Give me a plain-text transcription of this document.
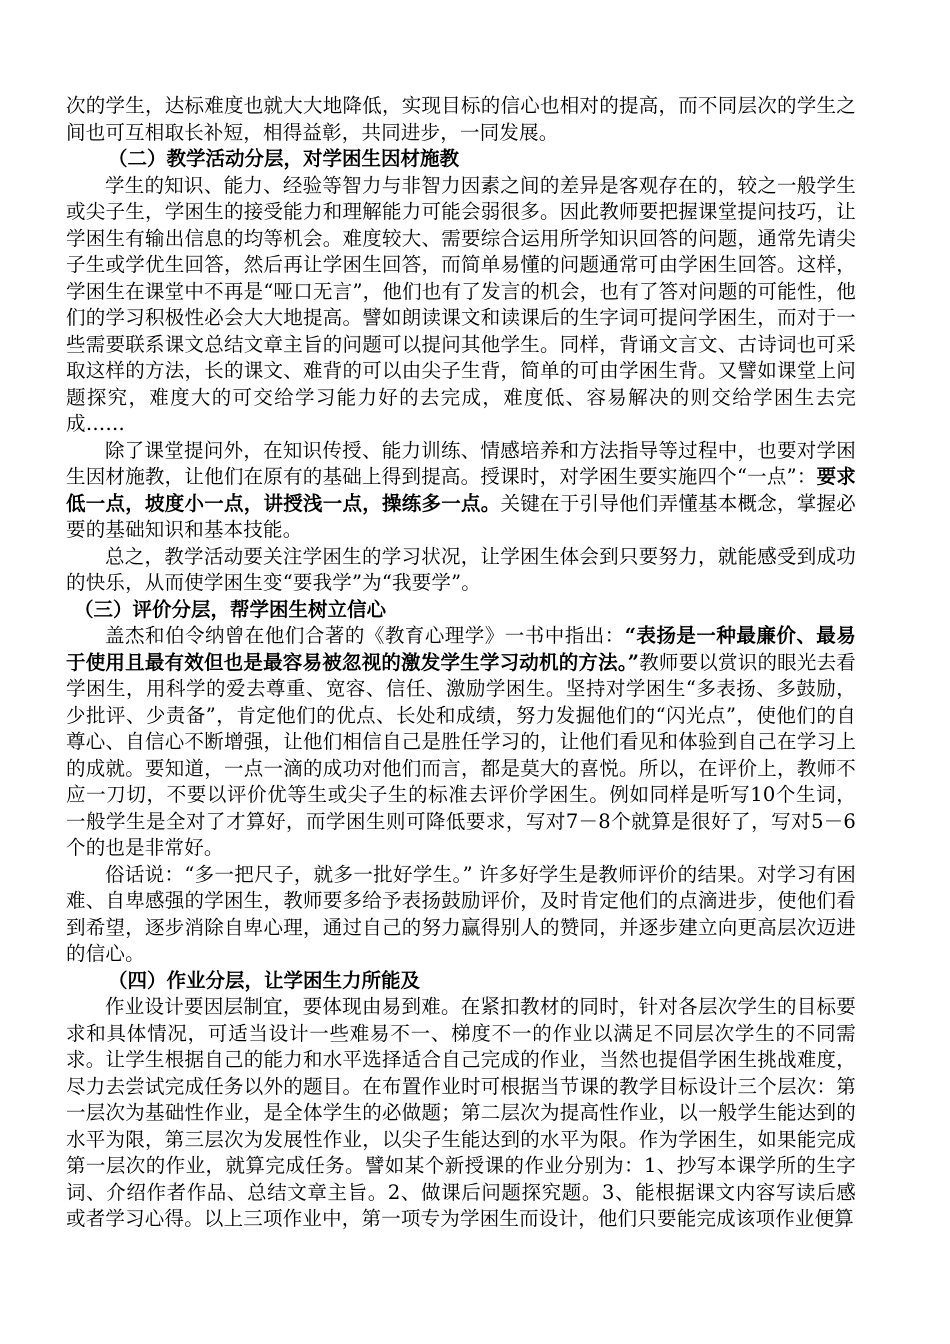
次的学生，达标难度也就大大地降低，实现目标的信心也相对的提高，而不同层次的学生之间也可互相取长补短，相得益彰，共同进步，一同发展。

（二）教学活动分层，对学困生因材施教

学生的知识、能力、经验等智力与非智力因素之间的差异是客观存在的，较之一般学生或尖子生，学困生的接受能力和理解能力可能会弱很多。因此教师要把握课堂提问技巧，让学困生有输出信息的均等机会。难度较大、需要综合运用所学知识回答的问题，通常先请尖子生或学优生回答，然后再让学困生回答，而简单易懂的问题通常可由学困生回答。这样，学困生在课堂中不再是“哑口无言”，他们也有了发言的机会，也有了答对问题的可能性，他们的学习积极性必会大大地提高。譬如朗读课文和读课后的生字词可提问学困生，而对于一些需要联系课文总结文章主旨的问题可以提问其他学生。同样，背诵文言文、古诗词也可采取这样的方法，长的课文、难背的可以由尖子生背，简单的可由学困生背。又譬如课堂上问题探究，难度大的可交给学习能力好的去完成，难度低、容易解决的则交给学困生去完成……

除了课堂提问外，在知识传授、能力训练、情感培养和方法指导等过程中，也要对学困生因材施教，让他们在原有的基础上得到提高。授课时，对学困生要实施四个“一点”：要求低一点，坡度小一点，讲授浅一点，操练多一点。关键在于引导他们弄懂基本概念，掌握必要的基础知识和基本技能。

总之，教学活动要关注学困生的学习状况，让学困生体会到只要努力，就能感受到成功的快乐，从而使学困生变“要我学”为“我要学”。

（三）评价分层，帮学困生树立信心

盖杰和伯令纳曾在他们合著的《教育心理学》一书中指出：“表扬是一种最廉价、最易于使用且最有效但也是最容易被忽视的激发学生学习动机的方法。”教师要以赏识的眼光去看学困生，用科学的爱去尊重、宽容、信任、激励学困生。坚持对学困生“多表扬、多鼓励，少批评、少责备”，肯定他们的优点、长处和成绩，努力发掘他们的“闪光点”，使他们的自尊心、自信心不断增强，让他们相信自己是胜任学习的，让他们看见和体验到自己在学习上的成就。要知道，一点一滴的成功对他们而言，都是莫大的喜悦。所以，在评价上，教师不应一刀切，不要以评价优等生或尖子生的标准去评价学困生。例如同样是听写10个生词，一般学生是全对了才算好，而学困生则可降低要求，写对7－8个就算是很好了，写对5－6个的也是非常好。

俗话说：“多一把尺子，就多一批好学生。” 许多好学生是教师评价的结果。对学习有困难、自卑感强的学困生，教师要多给予表扬鼓励评价，及时肯定他们的点滴进步，使他们看到希望，逐步消除自卑心理，通过自己的努力赢得别人的赞同，并逐步建立向更高层次迈进的信心。

（四）作业分层，让学困生力所能及

作业设计要因层制宜，要体现由易到难。在紧扣教材的同时，针对各层次学生的目标要求和具体情况，可适当设计一些难易不一、梯度不一的作业以满足不同层次学生的不同需求。让学生根据自己的能力和水平选择适合自己完成的作业，当然也提倡学困生挑战难度，尽力去尝试完成任务以外的题目。在布置作业时可根据当节课的教学目标设计三个层次：第一层次为基础性作业，是全体学生的必做题；第二层次为提高性作业，以一般学生能达到的水平为限，第三层次为发展性作业，以尖子生能达到的水平为限。作为学困生，如果能完成第一层次的作业，就算完成任务。譬如某个新授课的作业分别为：1、抄写本课学所的生字词、介绍作者作品、总结文章主旨。2、做课后问题探究题。3、能根据课文内容写读后感或者学习心得。以上三项作业中，第一项专为学困生而设计，他们只要能完成该项作业便算
